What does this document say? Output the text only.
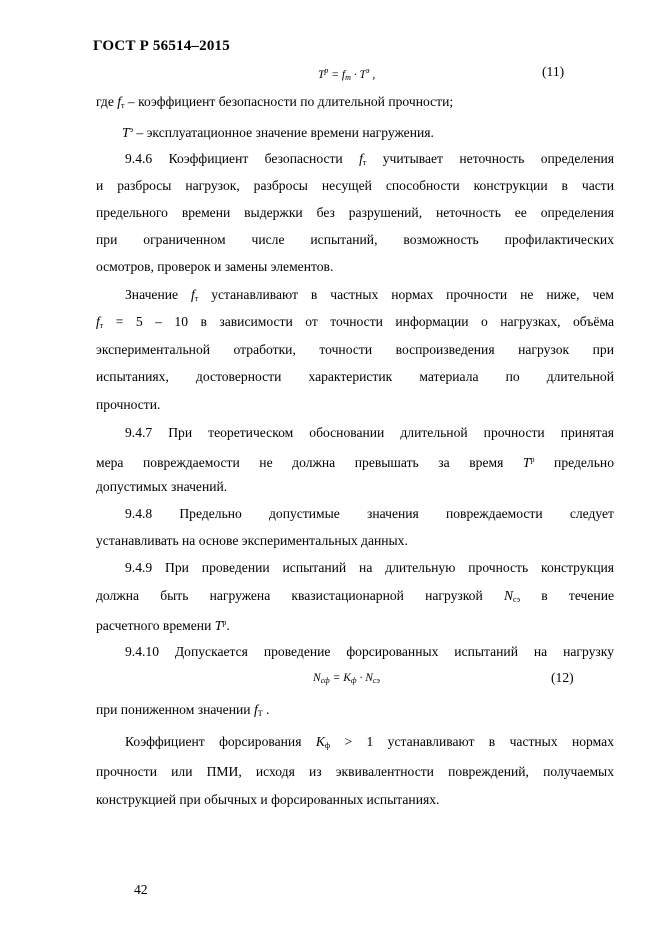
ГОСТ Р 56514–2015
$T^р = f_т \cdot T^э$ ,	(11)
где $f_т$ – коэффициент безопасности по длительной прочности;
$T^э$ – эксплуатационное значение времени нагружения.
9.4.6 Коэффициент безопасности $f_т$ учитывает неточность определения
и разбросы нагрузок, разбросы несущей способности конструкции в части
предельного времени выдержки без разрушений, неточность ее определения
при ограниченном числе испытаний, возможность профилактических
осмотров, проверок и замены элементов.
Значение $f_т$ устанавливают в частных нормах прочности не ниже, чем
$f_т = 5 - 10$ в зависимости от точности информации о нагрузках, объёма
экспериментальной отработки, точности воспроизведения нагрузок при
испытаниях, достоверности характеристик материала по длительной
прочности.
9.4.7 При теоретическом обосновании длительной прочности принятая
мера повреждаемости не должна превышать за время $T^р$ предельно
допустимых значений.
9.4.8 Предельно допустимые значения повреждаемости следует
устанавливать на основе экспериментальных данных.
9.4.9 При проведении испытаний на длительную прочность конструкция
должна быть нагружена квазистационарной нагрузкой $N_{сэ}$ в течение
расчетного времени $T^р$.
9.4.10 Допускается проведение форсированных испытаний на нагрузку
$N_{сф} = K_ф \cdot N_{сэ}$	(12)
при пониженном значении $f_Т$ .
Коэффициент форсирования $K_ф > 1$ устанавливают в частных нормах
прочности или ПМИ, исходя из эквивалентности повреждений, получаемых
конструкцией при обычных и форсированных испытаниях.
42
